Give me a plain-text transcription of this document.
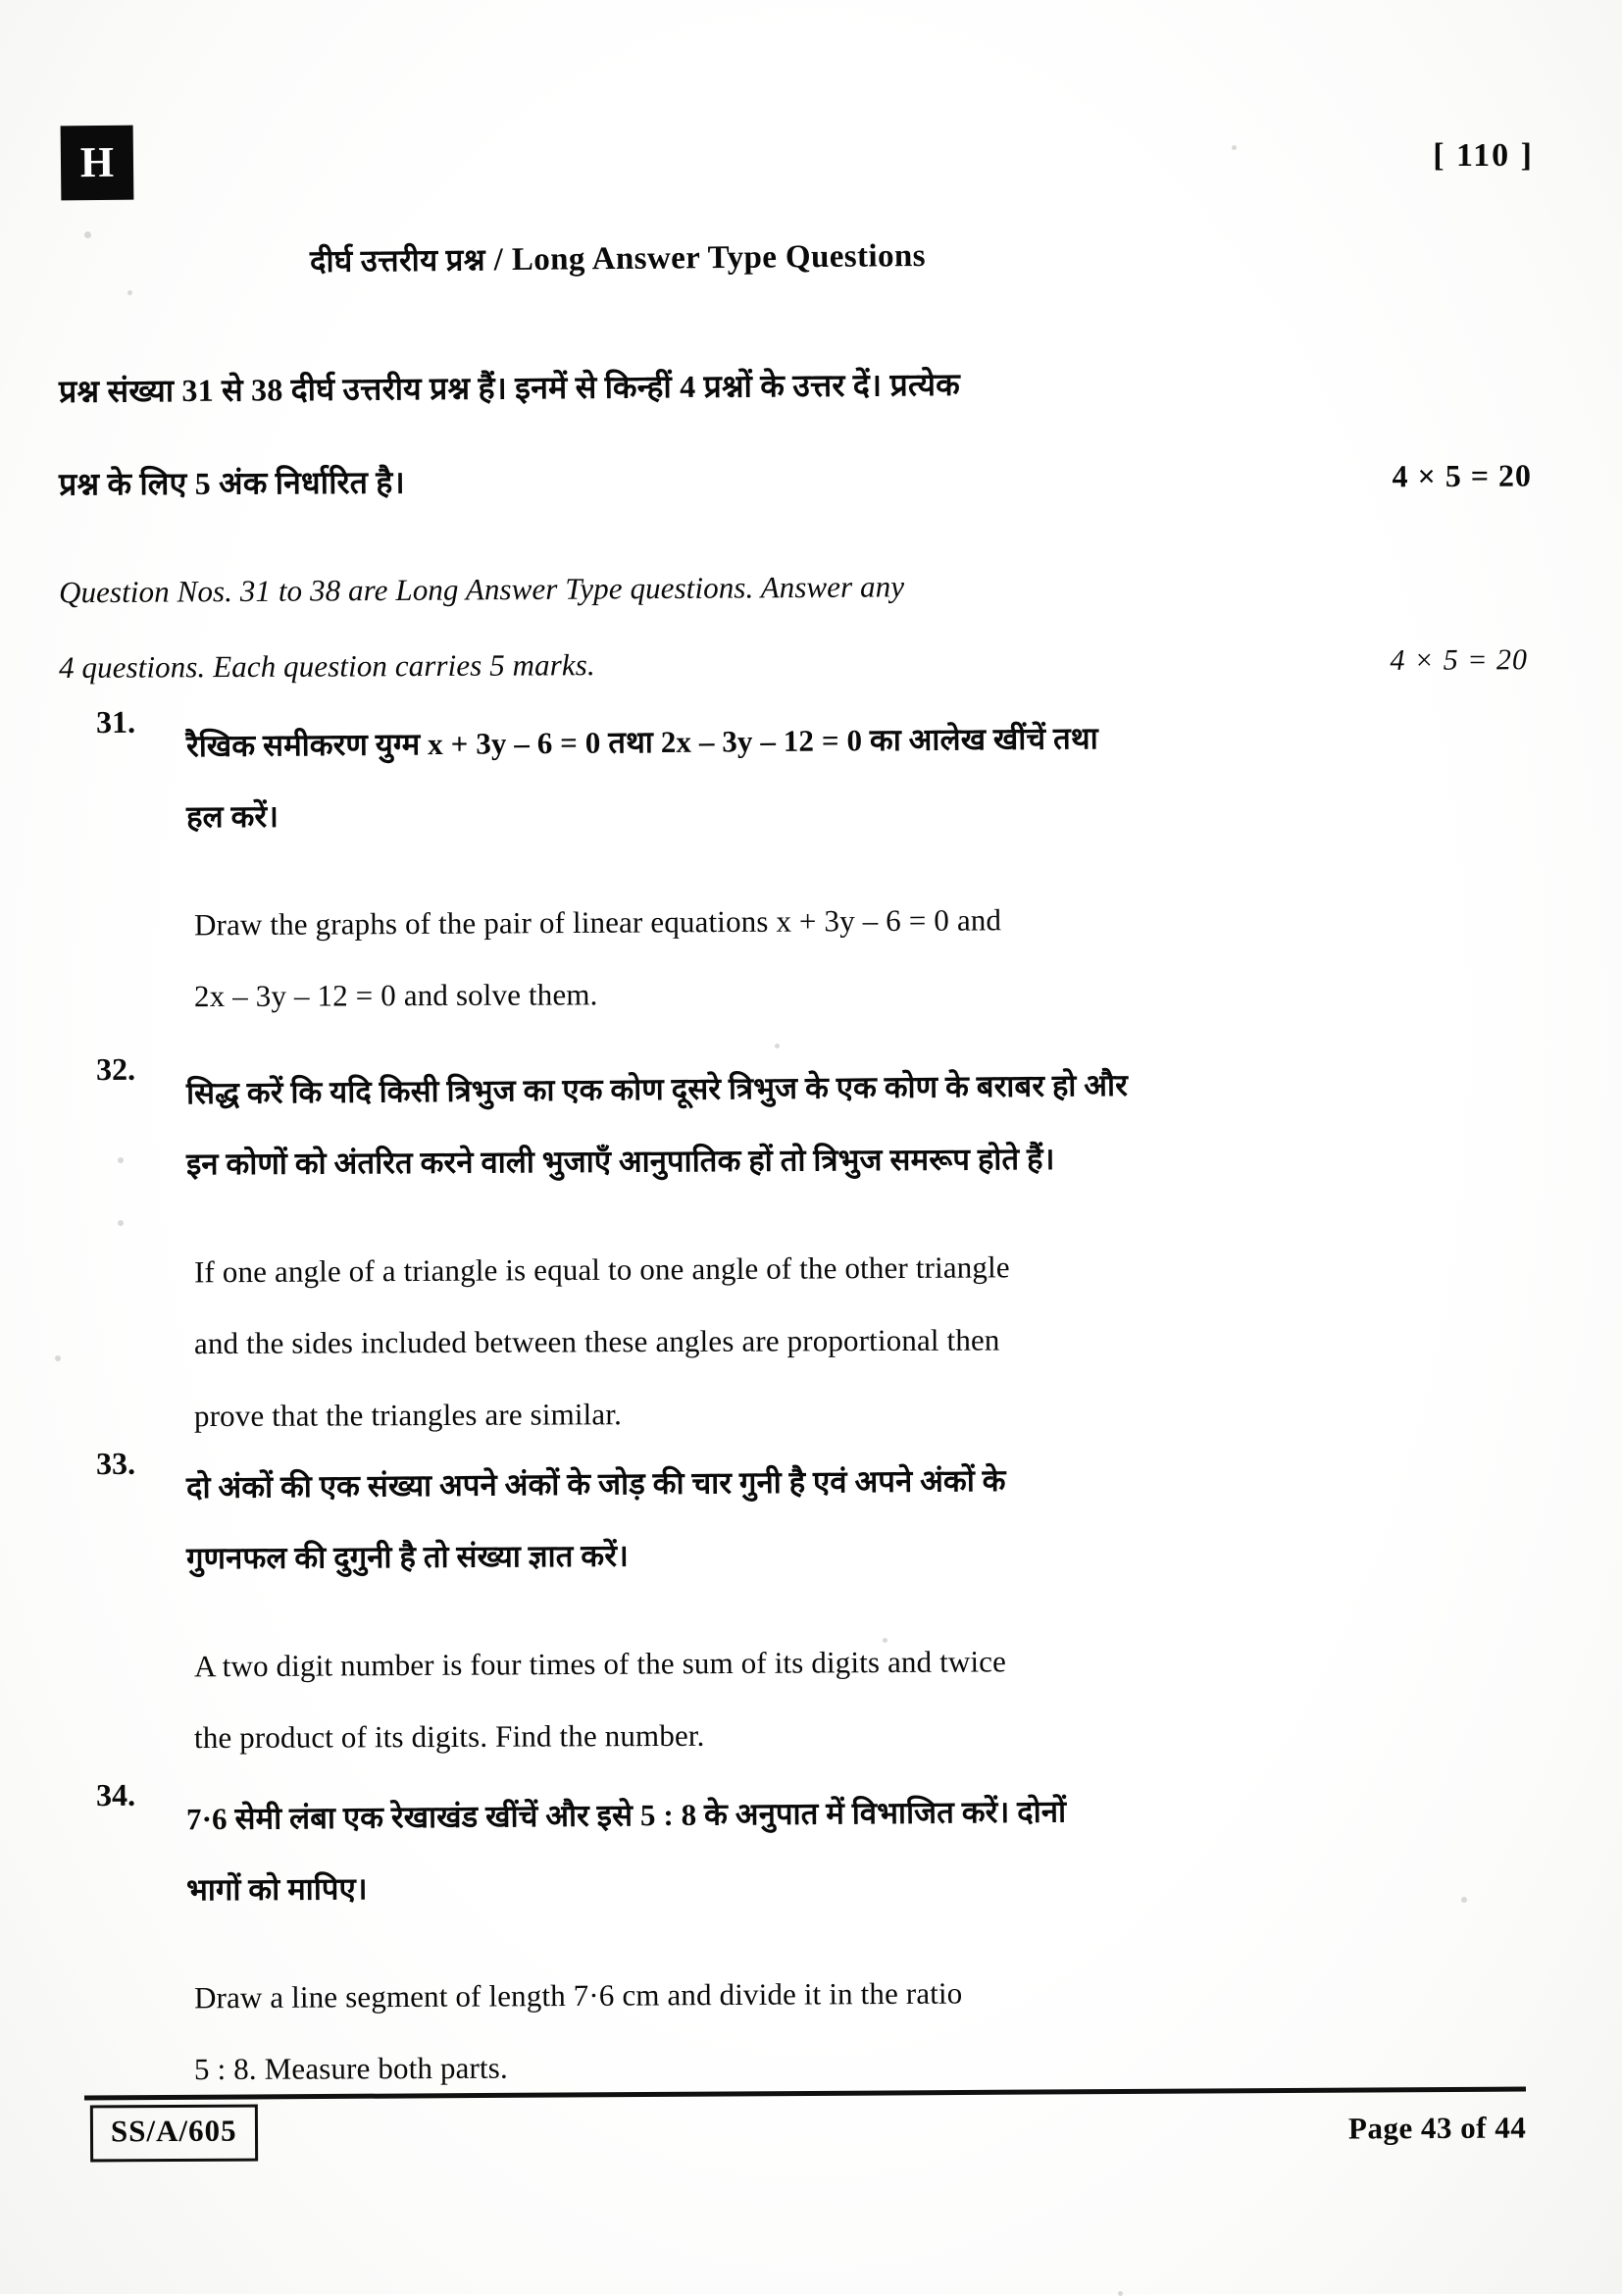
H	[ 110 ]
दीर्घ उत्तरीय प्रश्न / Long Answer Type Questions
प्रश्न संख्या 31 से 38 दीर्घ उत्तरीय प्रश्न हैं। इनमें से किन्हीं 4 प्रश्नों के उत्तर दें। प्रत्येक
प्रश्न के लिए 5 अंक निर्धारित है।	4 × 5 = 20
Question Nos. 31 to 38 are Long Answer Type questions. Answer any
4 questions. Each question carries 5 marks.	4 × 5 = 20
31. रैखिक समीकरण युग्म x + 3y – 6 = 0 तथा 2x – 3y – 12 = 0 का आलेख खींचें तथा
हल करें।
Draw the graphs of the pair of linear equations x + 3y – 6 = 0 and
2x – 3y – 12 = 0 and solve them.
32. सिद्ध करें कि यदि किसी त्रिभुज का एक कोण दूसरे त्रिभुज के एक कोण के बराबर हो और
इन कोणों को अंतरित करने वाली भुजाएँ आनुपातिक हों तो त्रिभुज समरूप होते हैं।
If one angle of a triangle is equal to one angle of the other triangle
and the sides included between these angles are proportional then
prove that the triangles are similar.
33. दो अंकों की एक संख्या अपने अंकों के जोड़ की चार गुनी है एवं अपने अंकों के
गुणनफल की दुगुनी है तो संख्या ज्ञात करें।
A two digit number is four times of the sum of its digits and twice
the product of its digits. Find the number.
34. 7·6 सेमी लंबा एक रेखाखंड खींचें और इसे 5 : 8 के अनुपात में विभाजित करें। दोनों
भागों को मापिए।
Draw a line segment of length 7·6 cm and divide it in the ratio
5 : 8. Measure both parts.
SS/A/605	Page 43 of 44
